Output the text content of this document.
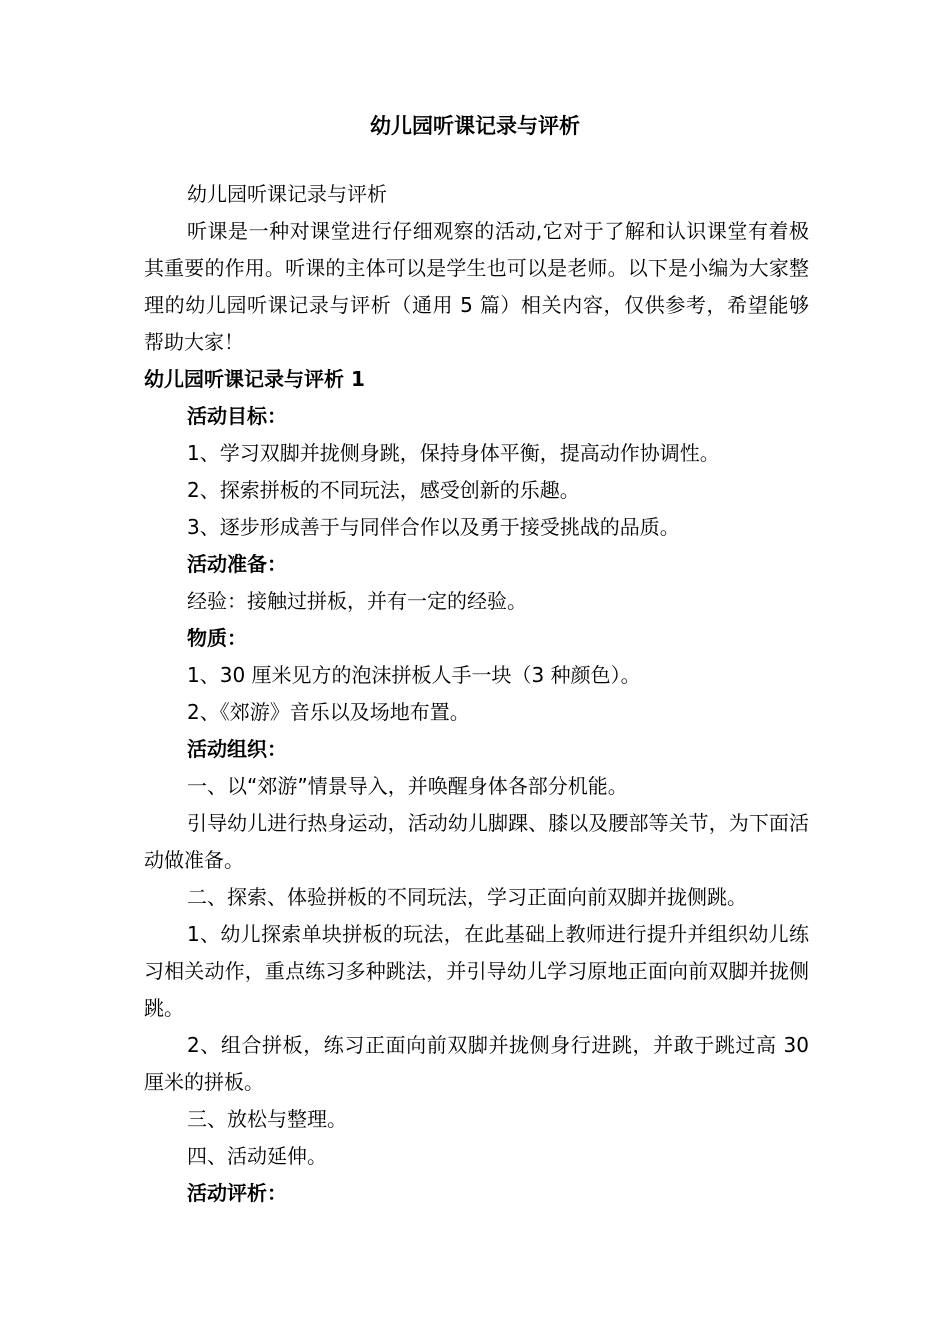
幼儿园听课记录与评析

幼儿园听课记录与评析

听课是一种对课堂进行仔细观察的活动,它对于了解和认识课堂有着极其重要的作用。听课的主体可以是学生也可以是老师。以下是小编为大家整理的幼儿园听课记录与评析（通用 5 篇）相关内容，仅供参考，希望能够帮助大家！

幼儿园听课记录与评析 1

活动目标：

1、学习双脚并拢侧身跳，保持身体平衡，提高动作协调性。

2、探索拼板的不同玩法，感受创新的乐趣。

3、逐步形成善于与同伴合作以及勇于接受挑战的品质。

活动准备：

经验：接触过拼板，并有一定的经验。

物质：

1、30 厘米见方的泡沫拼板人手一块（3 种颜色）。

2、《郊游》音乐以及场地布置。

活动组织：

一、以“郊游”情景导入，并唤醒身体各部分机能。

引导幼儿进行热身运动，活动幼儿脚踝、膝以及腰部等关节，为下面活动做准备。

二、探索、体验拼板的不同玩法，学习正面向前双脚并拢侧跳。

1、幼儿探索单块拼板的玩法，在此基础上教师进行提升并组织幼儿练习相关动作，重点练习多种跳法，并引导幼儿学习原地正面向前双脚并拢侧跳。

2、组合拼板，练习正面向前双脚并拢侧身行进跳，并敢于跳过高 30 厘米的拼板。

三、放松与整理。

四、活动延伸。

活动评析：
